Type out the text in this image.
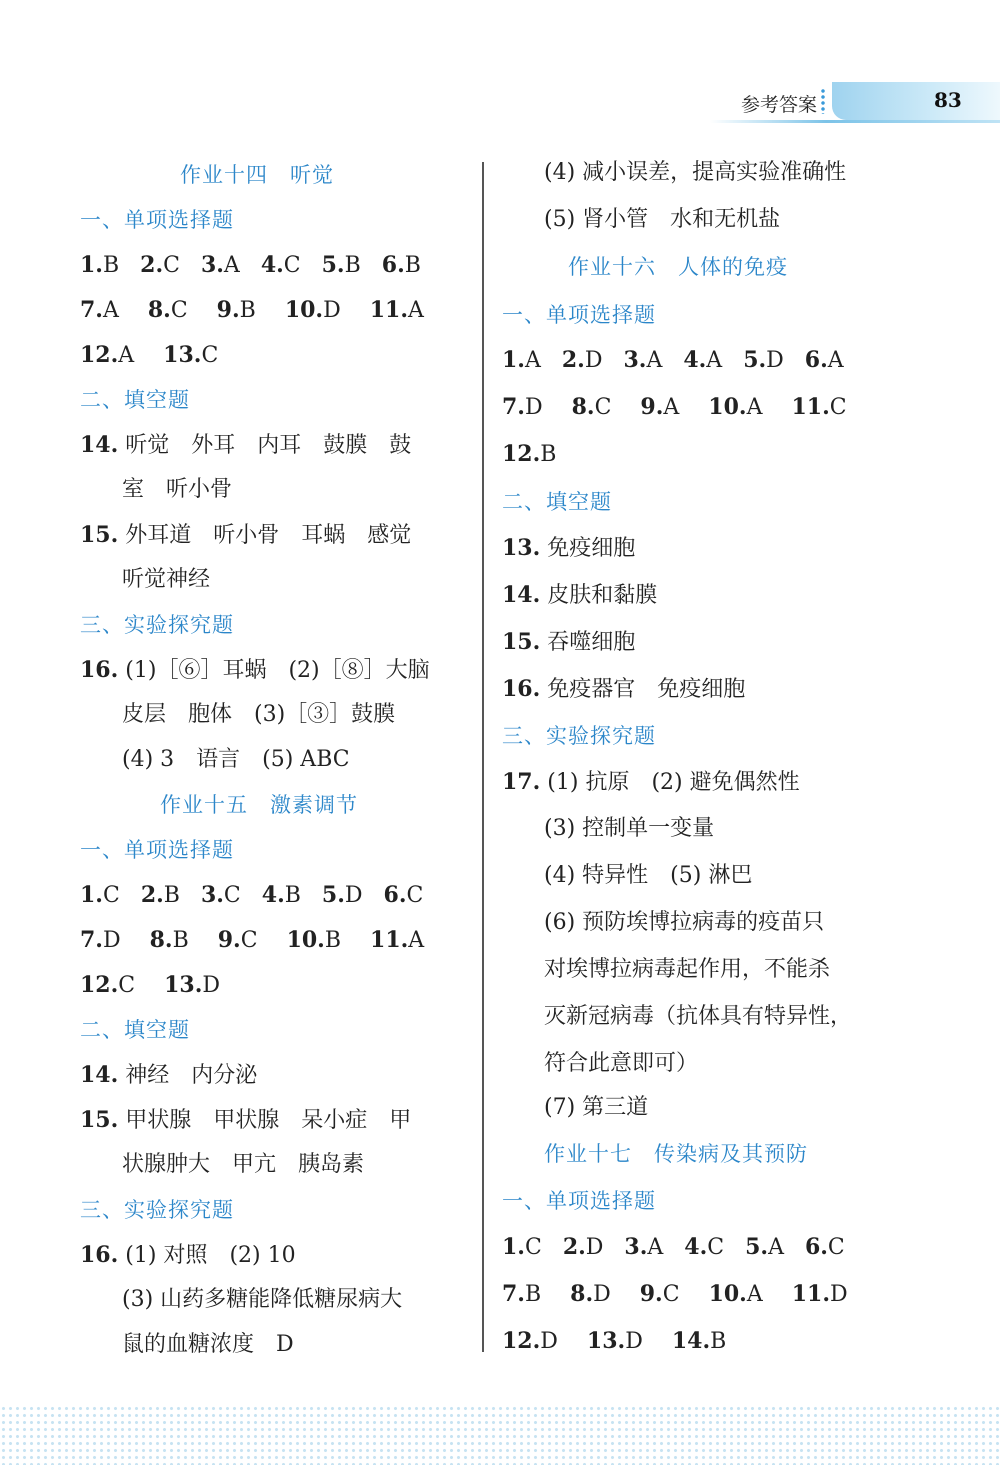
参考答案	83
作业十四　听觉
一、单项选择题
1.B 2.C 3.A 4.C 5.B 6.B
7.A 8.C 9.B 10.D 11.A
12.A 13.C
二、填空题
14. 听觉　外耳　内耳　鼓膜　鼓
室　听小骨
15. 外耳道　听小骨　耳蜗　感觉
听觉神经
三、实验探究题
16. (1)［⑥］耳蜗　(2)［⑧］大脑
皮层　胞体　(3)［③］鼓膜
(4) 3　语言　(5) ABC
作业十五　激素调节
一、单项选择题
1.C 2.B 3.C 4.B 5.D 6.C
7.D 8.B 9.C 10.B 11.A
12.C 13.D
二、填空题
14. 神经　内分泌
15. 甲状腺　甲状腺　呆小症　甲
状腺肿大　甲亢　胰岛素
三、实验探究题
16. (1) 对照　(2) 10
(3) 山药多糖能降低糖尿病大
鼠的血糖浓度　D
(4) 减小误差，提高实验准确性
(5) 肾小管　水和无机盐
作业十六　人体的免疫
一、单项选择题
1.A 2.D 3.A 4.A 5.D 6.A
7.D 8.C 9.A 10.A 11.C
12.B
二、填空题
13. 免疫细胞
14. 皮肤和黏膜
15. 吞噬细胞
16. 免疫器官　免疫细胞
三、实验探究题
17. (1) 抗原　(2) 避免偶然性
(3) 控制单一变量
(4) 特异性　(5) 淋巴
(6) 预防埃博拉病毒的疫苗只
对埃博拉病毒起作用，不能杀
灭新冠病毒（抗体具有特异性，
符合此意即可）
(7) 第三道
作业十七　传染病及其预防
一、单项选择题
1.C 2.D 3.A 4.C 5.A 6.C
7.B 8.D 9.C 10.A 11.D
12.D 13.D 14.B
